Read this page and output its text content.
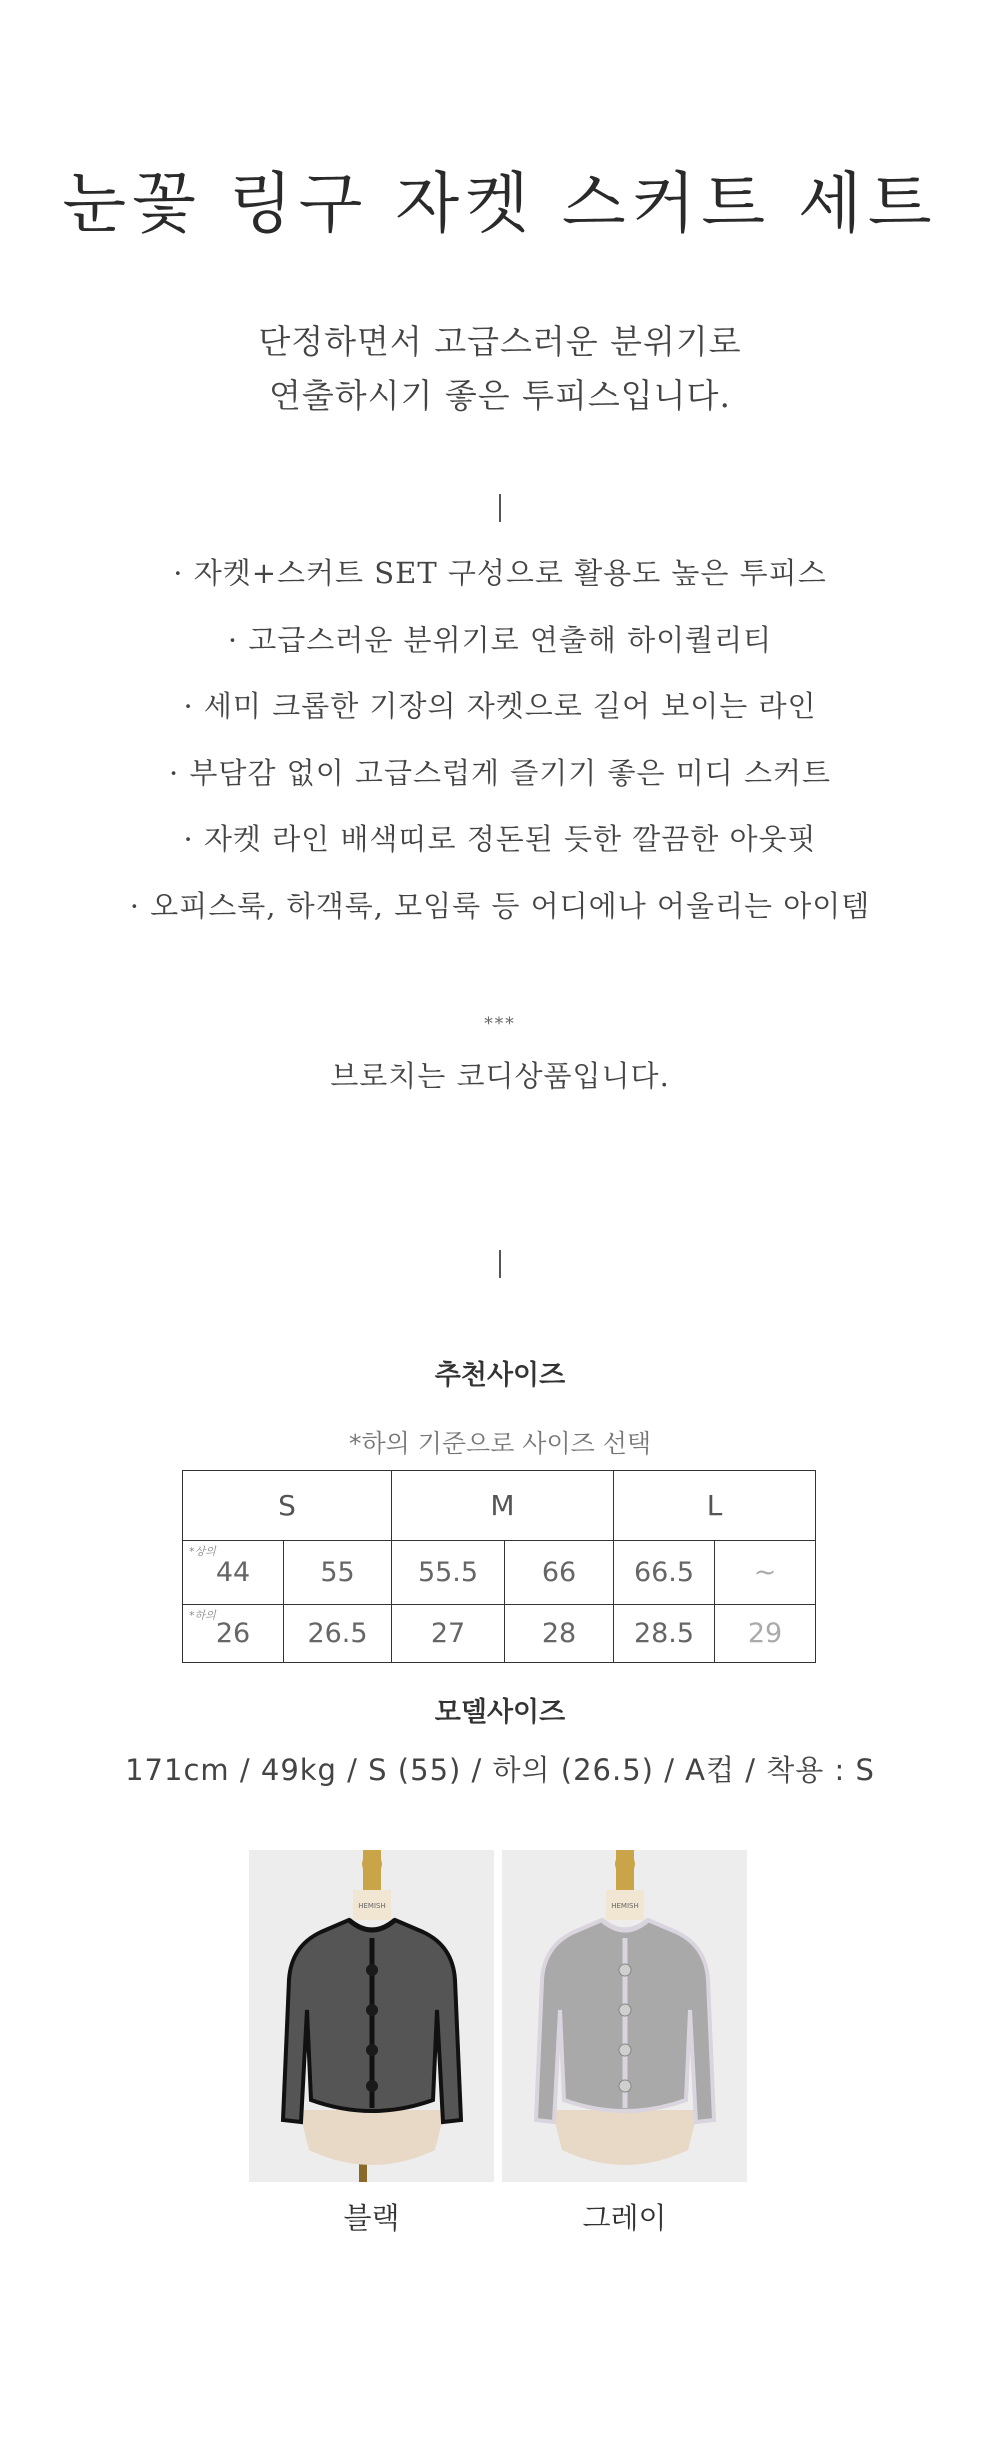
눈꽃 링구 자켓 스커트 세트
단정하면서 고급스러운 분위기로
연출하시기 좋은 투피스입니다.
· 자켓+스커트 SET 구성으로 활용도 높은 투피스
· 고급스러운 분위기로 연출해 하이퀄리티
· 세미 크롭한 기장의 자켓으로 길어 보이는 라인
· 부담감 없이 고급스럽게 즐기기 좋은 미디 스커트
· 자켓 라인 배색띠로 정돈된 듯한 깔끔한 아웃핏
· 오피스룩, 하객룩, 모임룩 등 어디에나 어울리는 아이템
***
브로치는 코디상품입니다.
추천사이즈
*하의 기준으로 사이즈 선택
S		M		L	

*상의
44	55	55.5	66	66.5	~

*하의
26	26.5	27	28	28.5	29
모델사이즈
171cm / 49kg / S (55) / 하의 (26.5) / A컵 / 착용 : S
HEMISH
블랙
HEMISH
그레이
